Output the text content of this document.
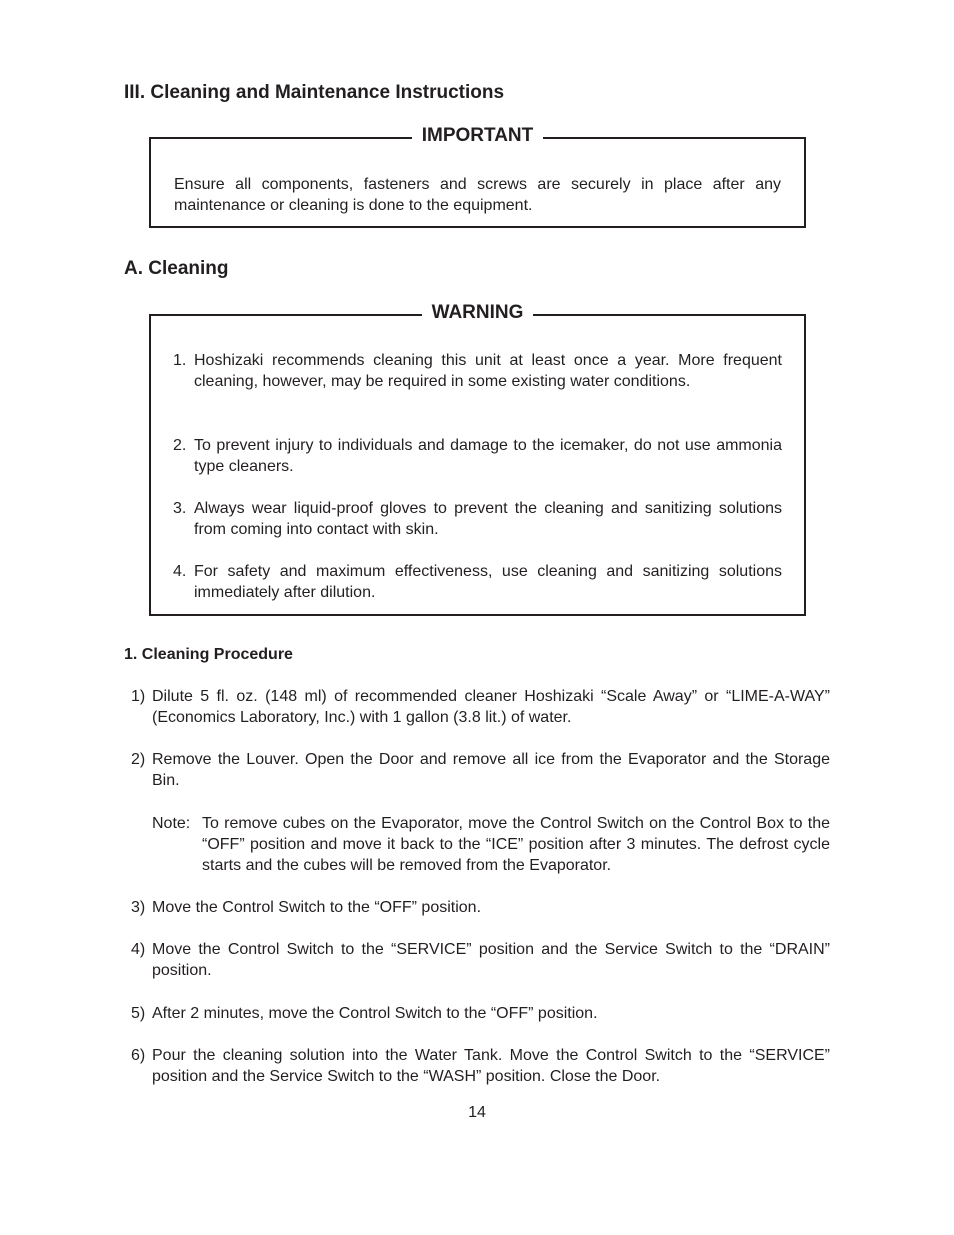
III. Cleaning and Maintenance Instructions
IMPORTANT
Ensure all components, fasteners and screws are securely in place after any maintenance or cleaning is done to the equipment.
A. Cleaning
WARNING
1. Hoshizaki recommends cleaning this unit at least once a year. More frequent cleaning, however, may be required in some existing water conditions.
2. To prevent injury to individuals and damage to the icemaker, do not use ammonia type cleaners.
3. Always wear liquid-proof gloves to prevent the cleaning and sanitizing solutions from coming into contact with skin.
4. For safety and maximum effectiveness, use cleaning and sanitizing solutions immediately after dilution.
1. Cleaning Procedure
1) Dilute 5 fl. oz. (148 ml) of recommended cleaner Hoshizaki “Scale Away” or “LIME-A-WAY” (Economics Laboratory, Inc.) with 1 gallon (3.8 lit.) of water.
2) Remove the Louver. Open the Door and remove all ice from the Evaporator and the Storage Bin.
Note: To remove cubes on the Evaporator, move the Control Switch on the Control Box to the “OFF” position and move it back to the “ICE” position after 3 minutes. The defrost cycle starts and the cubes will be removed from the Evaporator.
3) Move the Control Switch to the “OFF” position.
4) Move the Control Switch to the “SERVICE” position and the Service Switch to the “DRAIN” position.
5) After 2 minutes, move the Control Switch to the “OFF” position.
6) Pour the cleaning solution into the Water Tank. Move the Control Switch to the “SERVICE” position and the Service Switch to the “WASH” position. Close the Door.
14
